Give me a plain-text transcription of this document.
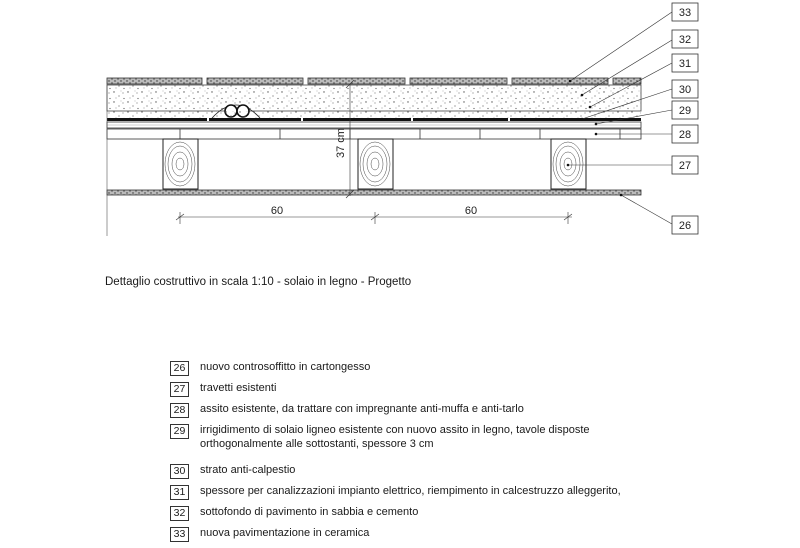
37 cm
60	60
33
32
31
30
29
28
27
26
Dettaglio costruttivo in scala 1:10 - solaio in legno - Progetto
26	nuovo controsoffitto in cartongesso
27	travetti esistenti
28	assito esistente, da trattare con impregnante anti-muffa e anti-tarlo
29	irrigidimento di solaio ligneo esistente con nuovo assito in legno, tavole disposte
orthogonalmente alle sottostanti, spessore 3 cm
30	strato anti-calpestio
31	spessore per canalizzazioni impianto elettrico, riempimento in calcestruzzo alleggerito,
32	sottofondo di pavimento in sabbia e cemento
33	nuova pavimentazione in ceramica
